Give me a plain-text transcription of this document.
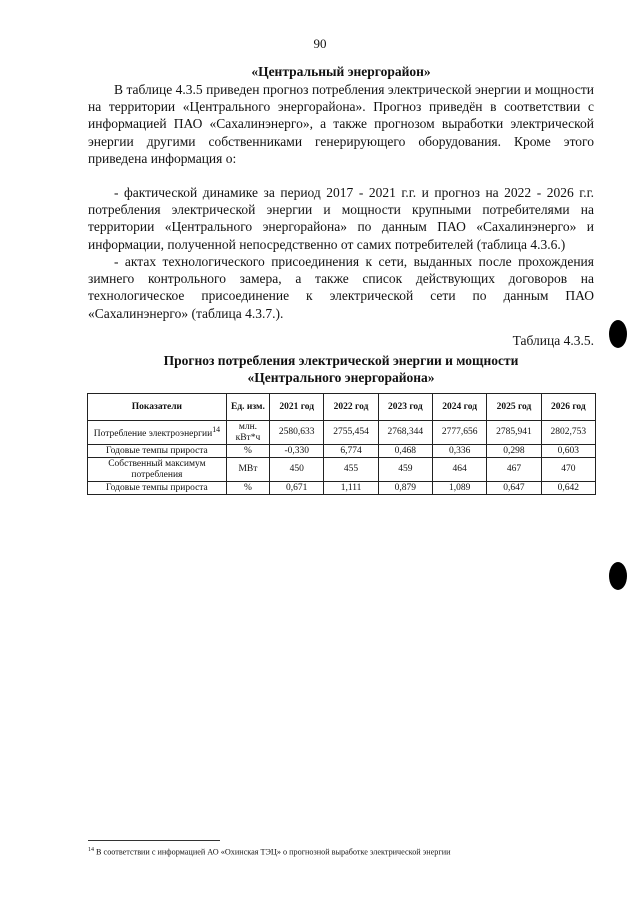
90
«Центральный энергорайон»

В таблице 4.3.5 приведен прогноз потребления электрической энергии и мощности на территории «Центрального энергорайона». Прогноз приведён в соответствии с информацией ПАО «Сахалинэнерго», а также прогнозом выработки электрической энергии другими собственниками генерирующего оборудования. Кроме этого приведена информация о:

- фактической динамике за период 2017 - 2021 г.г. и прогноз на 2022 - 2026 г.г. потребления электрической энергии и мощности крупными потребителями на территории «Центрального энергорайона» по данным ПАО «Сахалинэнерго» и информации, полученной непосредственно от самих потребителей (таблица 4.3.6.)

- актах технологического присоединения к сети, выданных после прохождения зимнего контрольного замера, а также список действующих договоров на технологическое присоединение к электрической сети по данным ПАО «Сахалинэнерго» (таблица 4.3.7.).

Таблица 4.3.5.
Прогноз потребления электрической энергии и мощности
«Центрального энергорайона»
Показатели	Ед. изм.	2021 год	2022 год	2023 год	2024 год	2025 год	2026 год
Потребление электроэнергии$^{14}$	млн. кВт*ч	2580,633	2755,454	2768,344	2777,656	2785,941	2802,753
Годовые темпы прироста	%	-0,330	6,774	0,468	0,336	0,298	0,603
Собственный максимум потребления	МВт	450	455	459	464	467	470
Годовые темпы прироста	%	0,671	1,111	0,879	1,089	0,647	0,642
$^{14}$ В соответствии с информацией АО «Охинская ТЭЦ» о прогнозной выработке электрической энергии
